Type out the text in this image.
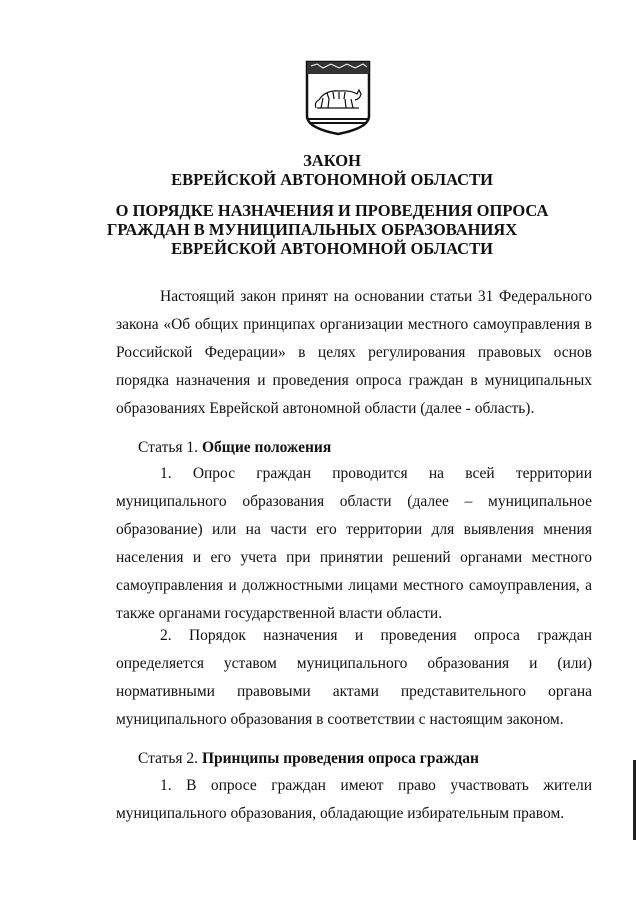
ЗАКОН
ЕВРЕЙСКОЙ АВТОНОМНОЙ ОБЛАСТИ
О ПОРЯДКЕ НАЗНАЧЕНИЯ И ПРОВЕДЕНИЯ ОПРОСА
ГРАЖДАН В МУНИЦИПАЛЬНЫХ ОБРАЗОВАНИЯХ
ЕВРЕЙСКОЙ АВТОНОМНОЙ ОБЛАСТИ
Настоящий закон принят на основании статьи 31 Федерального закона «Об общих принципах организации местного самоуправления в Российской Федерации» в целях регулирования правовых основ порядка назначения и проведения опроса граждан в муниципальных образованиях Еврейской автономной области (далее - область).
Статья 1. Общие положения
1. Опрос граждан проводится на всей территории муниципального образования области (далее – муниципальное образование) или на части его территории для выявления мнения населения и его учета при принятии решений органами местного самоуправления и должностными лицами местного самоуправления, а также органами государственной власти области.
2. Порядок назначения и проведения опроса граждан определяется уставом муниципального образования и (или) нормативными правовыми актами представительного органа муниципального образования в соответствии с настоящим законом.
Статья 2. Принципы проведения опроса граждан
1. В опросе граждан имеют право участвовать жители муниципального образования, обладающие избирательным правом.
